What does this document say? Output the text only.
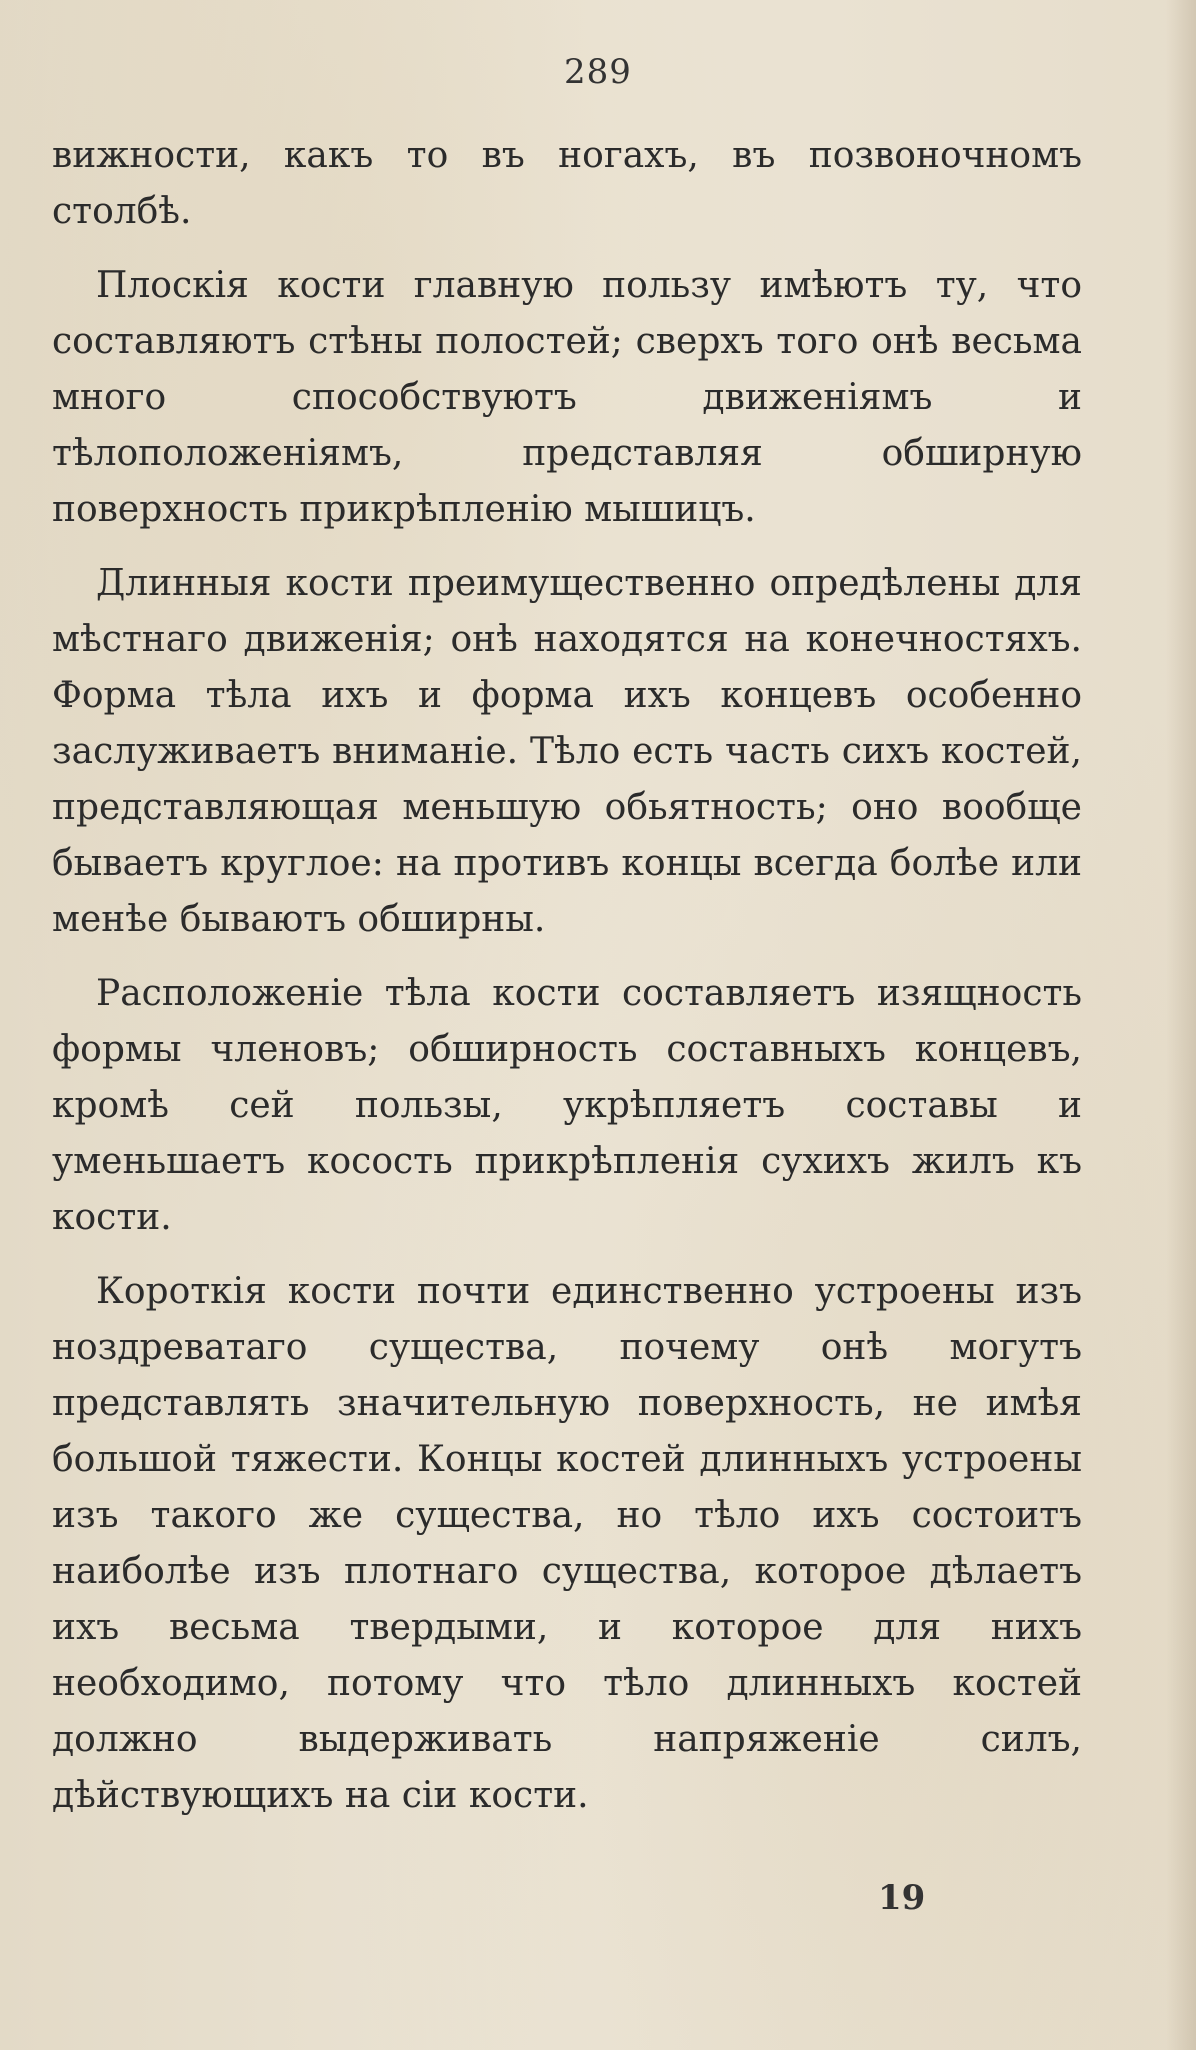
289

вижности, какъ то въ ногахъ, въ позвоночномъ столбѣ.

Плоскія кости главную пользу имѣютъ ту, что составляютъ стѣны полостей; сверхъ того онѣ весьма много способствуютъ движеніямъ и тѣлоположеніямъ, представляя обширную поверхность прикрѣпленію мышицъ.

Длинныя кости преимущественно опредѣлены для мѣстнаго движенія; онѣ находятся на конечностяхъ. Форма тѣла ихъ и форма ихъ концевъ особенно заслуживаетъ вниманіе. Тѣло есть часть сихъ костей, представляющая меньшую обьятность; оно вообще бываетъ круглое: на противъ концы всегда болѣе или менѣе бываютъ обширны.

Расположеніе тѣла кости составляетъ изящность формы членовъ; обширность составныхъ концевъ, кромѣ сей пользы, укрѣпляетъ составы и уменьшаетъ косость прикрѣпленія сухихъ жилъ къ кости.

Короткія кости почти единственно устроены изъ ноздреватаго существа, почему онѣ могутъ представлять значительную поверхность, не имѣя большой тяжести. Концы костей длинныхъ устроены изъ такого же существа, но тѣло ихъ состоитъ наиболѣе изъ плотнаго существа, которое дѣлаетъ ихъ весьма твердыми, и которое для нихъ необходимо, потому что тѣло длинныхъ костей должно выдерживать напряженіе силъ, дѣйствующихъ на сіи кости.

19
